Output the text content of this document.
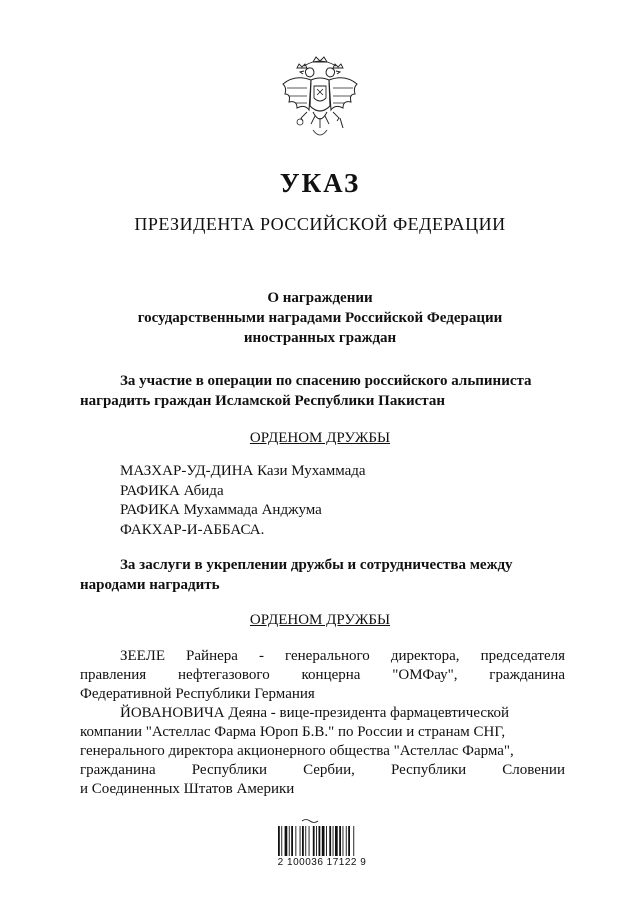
УКАЗ
ПРЕЗИДЕНТА РОССИЙСКОЙ ФЕДЕРАЦИИ
О награждении
государственными наградами Российской Федерации
иностранных граждан
За участие в операции по спасению российского альпиниста
наградить граждан Исламской Республики Пакистан
ОРДЕНОМ ДРУЖБЫ
МАЗХАР-УД-ДИНА Кази Мухаммада
РАФИКА Абида
РАФИКА Мухаммада Анджума
ФАКХАР-И-АББАСА.
За заслуги в укреплении дружбы и сотрудничества между
народами наградить
ОРДЕНОМ ДРУЖБЫ
ЗЕЕЛЕ Райнера - генерального директора, председателя
правления нефтегазового концерна "ОМФау", гражданина
Федеративной Республики Германия
ЙОВАНОВИЧА Деяна - вице-президента фармацевтической
компании "Астеллас Фарма Юроп Б.В." по России и странам СНГ,
генерального директора акционерного общества "Астеллас Фарма",
гражданина Республики Сербии, Республики Словении
и Соединенных Штатов Америки
2 100036 17122 9
